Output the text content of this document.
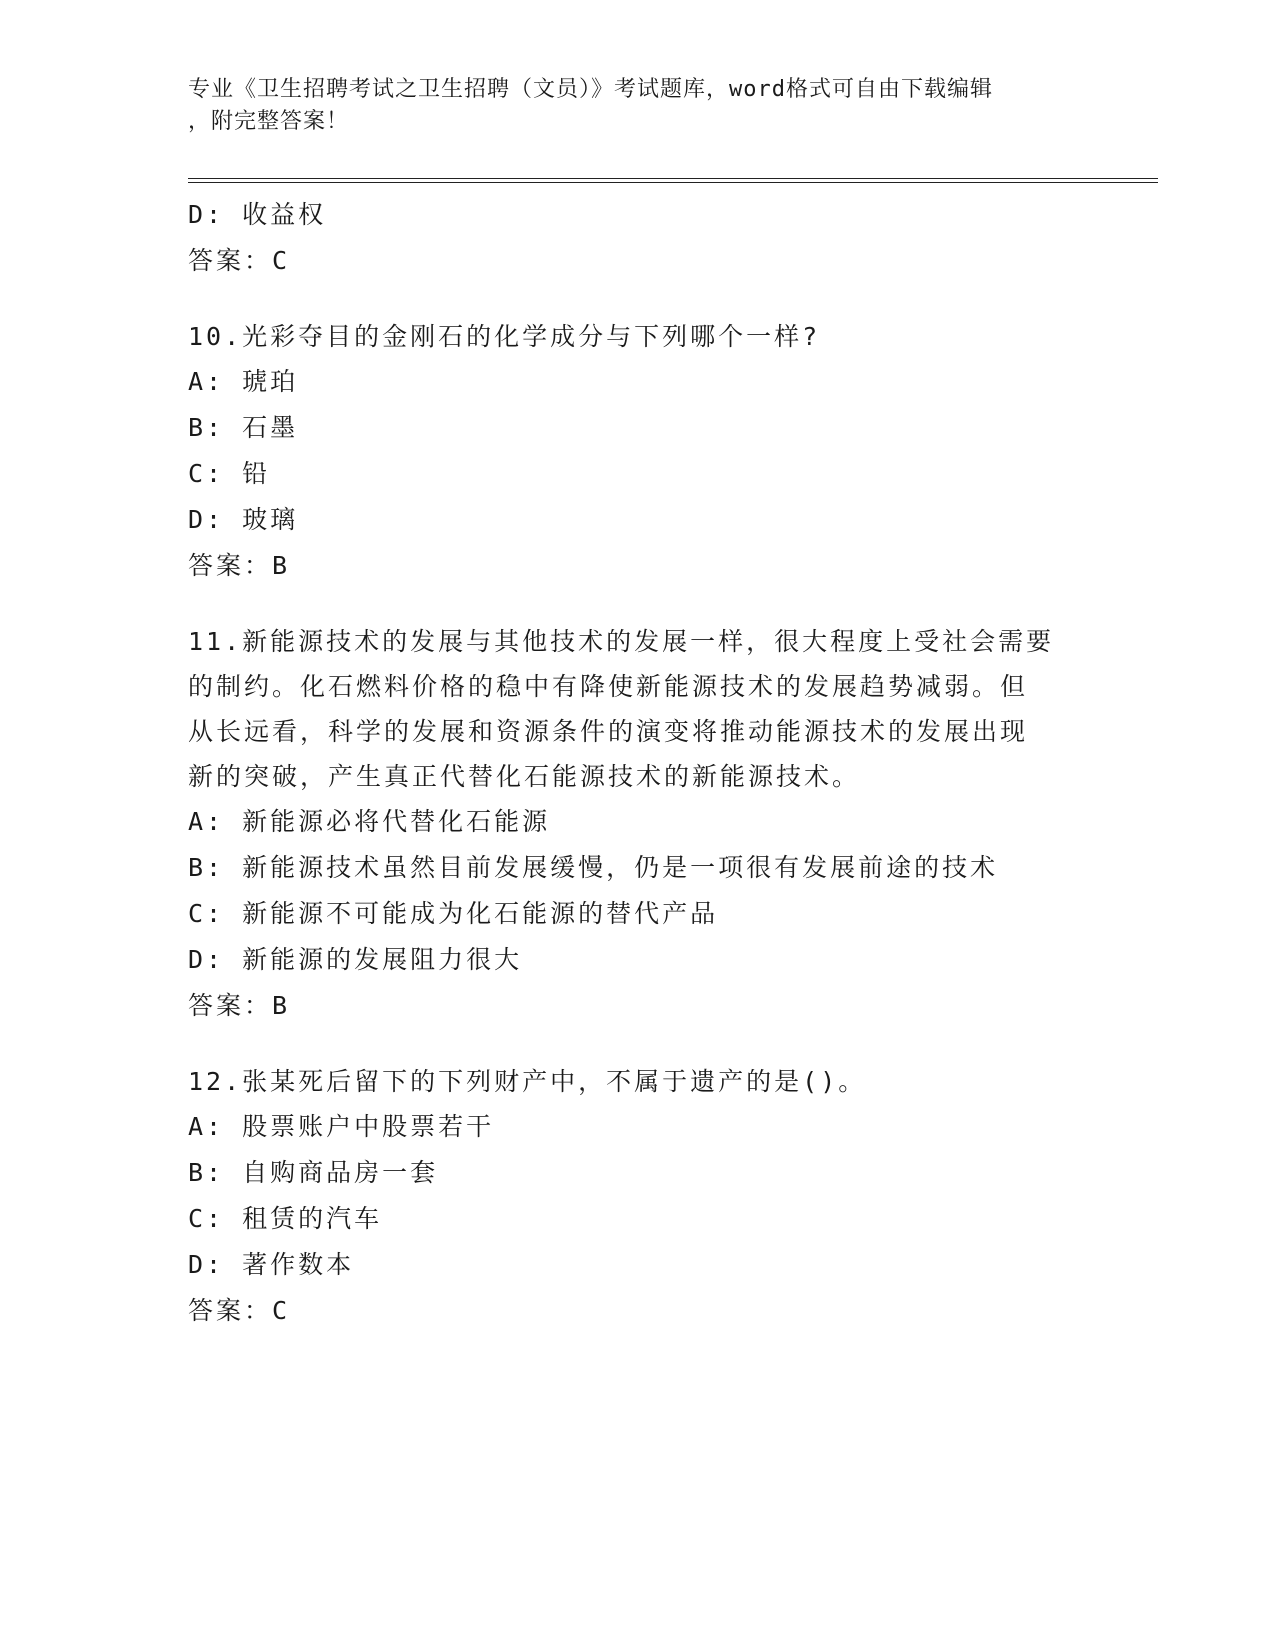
专业《卫生招聘考试之卫生招聘（文员）》考试题库，word格式可自由下载编辑
，附完整答案！
D: 收益权
答案：C
10.光彩夺目的金刚石的化学成分与下列哪个一样?
A: 琥珀
B: 石墨
C: 铅
D: 玻璃
答案：B
11.新能源技术的发展与其他技术的发展一样，很大程度上受社会需要
的制约。化石燃料价格的稳中有降使新能源技术的发展趋势减弱。但
从长远看，科学的发展和资源条件的演变将推动能源技术的发展出现
新的突破，产生真正代替化石能源技术的新能源技术。
A: 新能源必将代替化石能源
B: 新能源技术虽然目前发展缓慢，仍是一项很有发展前途的技术
C: 新能源不可能成为化石能源的替代产品
D: 新能源的发展阻力很大
答案：B
12.张某死后留下的下列财产中，不属于遗产的是()。
A: 股票账户中股票若干
B: 自购商品房一套
C: 租赁的汽车
D: 著作数本
答案：C
